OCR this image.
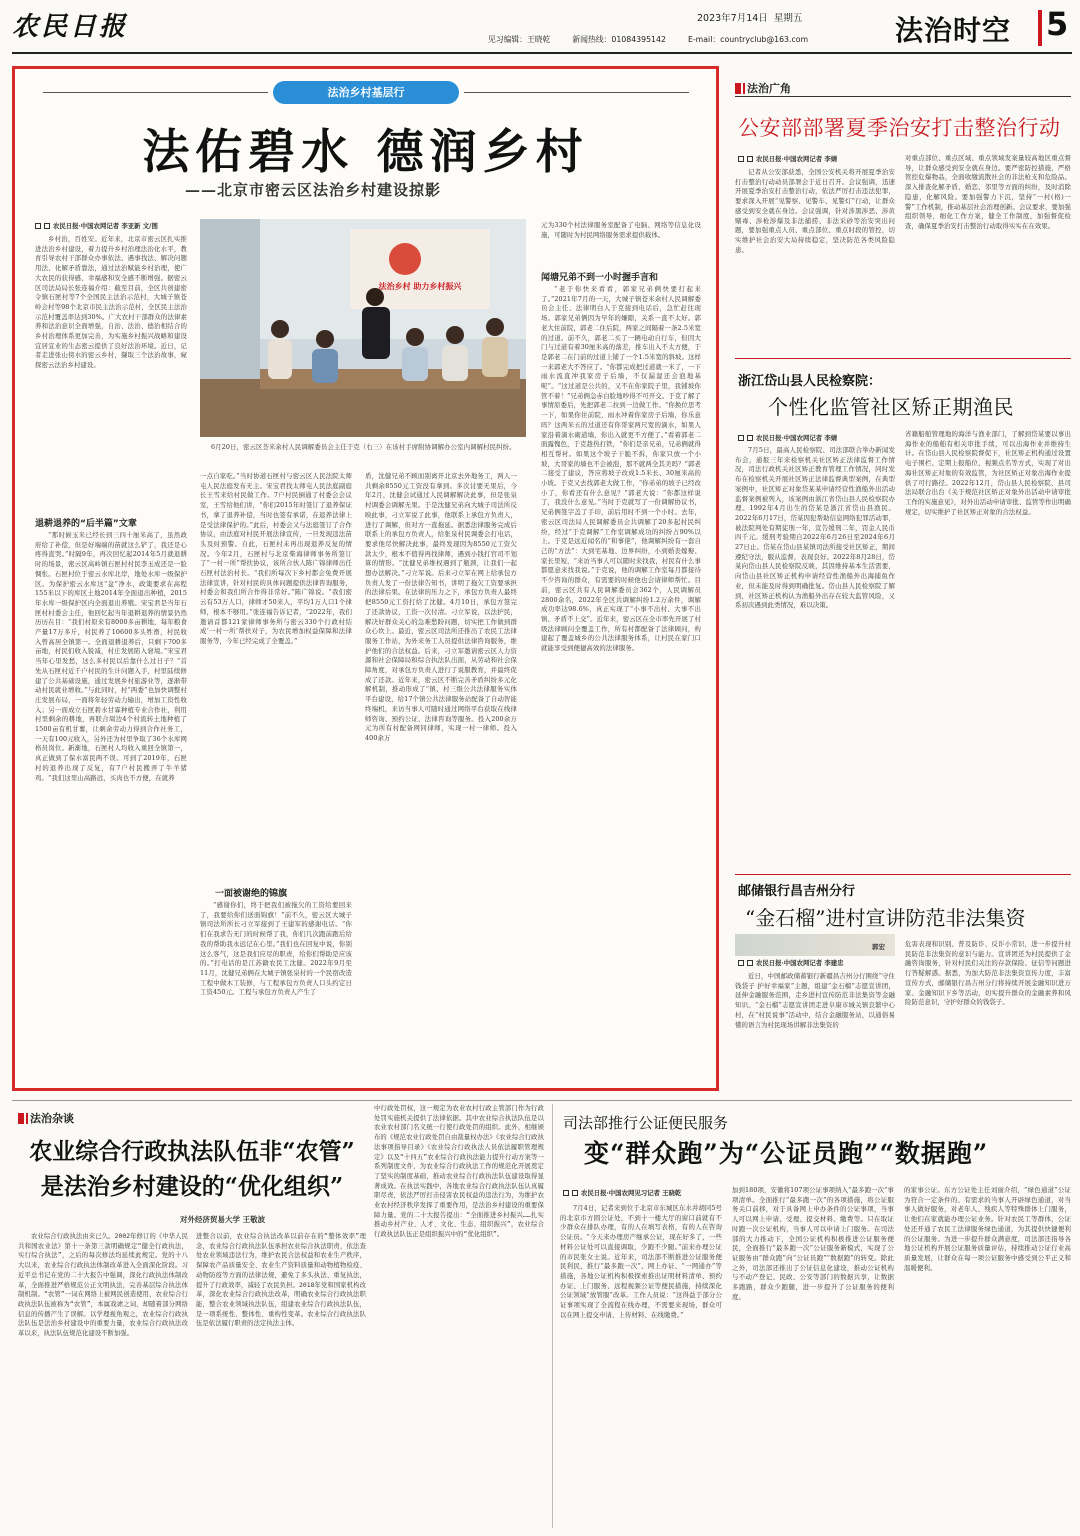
农民日报	2023年7月14日 星期五
见习编辑：王晓乾	新闻热线：01084395142	E-mail：countryclub@163.com	法治时空 5
法治乡村基层行
法佑碧水 德润乡村
——北京市密云区法治乡村建设掠影
农民日报·中国农网记者 李亚新 文/图

乡村治，百姓安。近年来，北京市密云区扎实推进法治乡村建设，着力提升乡村治理法治化水平，教育引导农村干部群众办事依法、遇事找法、解决问题用法、化解矛盾靠法，通过法治赋能乡村治理，使广大农民的获得感、幸福感和安全感不断增强。据密云区司法局局长张连福介绍：截至目前，全区共创建密令镇石匣村等7个全国民主法治示范村，大城子镇苍岭会村等98个北京市民主法治示范村，全区民主法治示范村覆盖率达到30%。广大农村干部群众的法律素养和法治意识全面增强，自治、法治、德治相结合的乡村治理体系更加完善，为实施乡村振兴战略和建设宜居宜业的生态密云提供了良好法治环境。近日，记者走进张山傍水的密云乡村，撷取三个法治故事，窥探密云法治乡村建设。

退耕退养的“后半篇”文章

“那时候玉米已经长到三四十厘米高了，虽然政府给了补偿，但是好端端的苗就这么铲了，我还是心疼得直哭。”时隔9年，再次回忆起2014年5月就退耕时的场景，密云区高岭镇石匣村村民李玉成还是一脸惆怅。石匣村位于密云水库北岸，地处水库一级保护区。为保护密云水库这“盆”净水，政策要求在高程155米以下的库区土地2014年全面退出种植，2015年水库一级保护区内全面退出养殖。宋宝君是当年石匣村村委会主任，他回忆起当年退耕退养的情景仍然历历在目：“我们村原来有8000多亩耕地，每年粮食产量17万多斤，村民养了10600多头牲畜，村民收入曾高居全镇第一。全面退耕退养后，只剩下700多亩地，村民们收入锐减，村庄发展陷入窘境。”宋宝君当年心里发愁，这么多村民以后靠什么过日子？“首先从石匣村近千户村民的生计问题入手，村里陆续修建了公共基础设施，通过发展乡村旅游业等，逐渐带动村民就业增收。”与此同时，村“两委”也加快调整村庄发展布局，一面将年轻劳动力输出，增加工资性收入；另一面成立石匣碧水甘霖种植专业合作社，利用村里剩余的耕地，再联合周边4个村流转土地种植了1500亩有机甘薯，让剩余劳动力得到合作社务工，一天有100元收入，另外还为村里争取了36个水库网格员岗位。新渐地，石匣村人均收入重回全镇第一，真正做到了保水富民两不误。可到了2019年，石匣村的退养出现了反复，有7户村民搬弄了牛羊猪鸡。“我们这里山高路远，买肉也不方便，在就养

法治乡村 助力乡村振兴

6月20日，密云区荟米余村人民调解委员会主任于克（右三）在该村手席附协调解办公室内调解村民纠纷。

一点自家吃。”当时协道石匣村与密云区人民法院太师屯人民法庭发布无主。宋宝君找太师屯人民法庭副庭长王雪来给村民做工作。7户村民倒通了村委会会议室，王雪给他们讲，“你们2015年时签订了退养保证书，拿了退养补偿，当时也签有承诺，在退养法律上是受法律保护的。”此后，村委会又与法庭签订了合作协议，由法庭对村民开展法律宣传，一旦发现违法苗头及时预警。自此，石匣村未再出现退养反复的情况。今年2月，石匣村与北京柴海律师事务所签订了“一村一所”帮扶协议，该所合伙人陈广锦律师出任石匣村法治村长。“我们所每次下乡村都会免费开展法律宣讲，针对村民的具体问题提供法律咨询服务，村委会和我们所合作得非常好。”陈广锦说。“我们密云有53万人口，律师才50来人，平均1万人口1个律师，根本不够用。”张连福告诉记者，“2022年，我们邀请首都121家律师事务所与密云330个行政村结成‘一村一所’帮扶对子，为农民增加权益保障和法律服务等，今年已经完成了全覆盖。”

一面被谢绝的锦旗

“感谢你们，终于把我们被拖欠的工资给要回来了，我要给你们送面锦旗！”前不久，密云区大城子镇司法所所长刁立军接到了王建军的感谢电话。“你们在我求告无门的时候帮了我，你们几次跑前跑后给我的帮助我永远记在心里。”我们也在回复中说，你别这么客气，这是我们应尽的职责，给你们帮助是应该的。”打电话的是江苏籍农民工沈健。2022年9月至11月，沈健兄弟俩在大城子镇张泉村的一个民宿改造工程中做木工装修，与工程承包方负责人口头约定日工资450元。工程与承包方负责人产生了

盾，沈健兄弟不顾而别离开北京去外地务工，两人一共剩余8550元工资没有拿到。多次讨要无果后，今年2月，沈健会试通过人民调解解决此事，但是张泉村调委会调解无果。于是沈健兄弟向大城子司法所反映此事，刁立军说了此事，他联系上承包方负责人，进行了调解，但对方一直拖延。据悉法律服务完成后联系上的承包方负责人，给张泉村民调委会打电话，要求他尽快解决此事，最终发现因为8550元工资欠款太少，根本不值得再找律师，遇到小钱打官司不划算的情形。“沈健兄弟维权遇到了瓶颈，让我们一起想办法解决。”刁立军说。后来刁立军在网上给承包方负责人发了一份法律告知书，讲明了拖欠工资要承担的法律后果。在法律的压力之下，承包方负责人最终把8550元工资打给了沈健。4月10日，承包方签完了还款协议，工资一次付清。刁立军说，以法护民，解决好群众关心的急难愁盼问题，切实把工作做到群众心坎上。最近，密云区司法所还推出了农民工法律服务工作站，为外来务工人员提供法律咨询服务，维护他们的合法权益。后来，刁立军邀请密云区人力资源和社会保障局和综合执法队出面，从劳动和社会保障角度，对承包方负责人进行了说服教育，并最终促成了还款。近年来，密云区不断完善矛盾纠纷多元化解机制，推动形成了“镇、村三级公共法律服务实体平台建设，给17个镇公共法律服务站配备了自动智能终端机，来访当事人可随时通过网络平台获取在线律师咨询、预约公证、法律咨询等服务。投入200余万元为所有村配备网同律师，实现一村一律师。投入400余万

元为330个村法律服务室配备了电脑、网络等信息化设施，可随时为村民网络服务需求提供载体。

闻塘兄弟不到一小时握手言和

“老于你快来看看，郭家兄弟俩快要打起来了。”2021年7月的一天，大城子镇苍米余村人民调解委员会主任、法律明白人于克接到电话后，急忙赶往现场。郭家兄弟俩因为早年的嫌隙，关系一直不太好。郭老大住前院，郭老二住后院，两家之间隔着一条2.5米宽的过道。前不久，郭老二买了一辆电动自行车，但因大门与过道有着30厘米高的落差，推车出入不太方便，于是郭老二在门前的过道上铺了一个1.5米宽的斜坡。这样一来郭老大不答应了。“你都完成把过道就一米了，一下雨水流直冲我家房子后墙，不仅漏湿还会泡地基呢”。“这过道是公共的，又不在你家院子里，我铺坡你管不着！”兄弟俩急赤白脸地吵得不可开交。于克了解了事情原委后，先把郭老二拉到一边做工作。“你换位思考一下，如果你住前院，雨水冲着你家房子后墙，你乐意吗？这两米五的过道还有你哥家两尺宽的滴水，如果人家沿着滴水砌道墙，你出入就更不方便了。”看着郭老二面露愧色，于克趁热打铁，“你们是亲兄弟，兄弟俩就得相互帮衬。如果这个坡子干脆不拆，你家只放一个小坡，大哥家的墙也不会被泡，那不就两全其美吗？”郭老二接受了建议，答应将坡子改成1.5米长、30厘米高的小坡。于克又去找郭老大做工作，“你弟弟的坡子已经改小了，你看还有什么意见？”郭老大说：“你都这样说了，我没什么意见。”当时于克就写了一份调解协议书，兄弟俩签字盖了手印，前后用时不到一个小时。去年，密云区司法局人民调解委员会共调解了20多起村民纠纷，经过“于克调解”工作室调解成功的纠纷占90%以上。于克是远近闻名的“和事佬”，他调解纠纷有一套自己的“方法”：大到宅基地、边界纠纷，小到婚丧嫁娶、家长里短，“来访当事人可以随时来找我，村民有什么事都愿意来找我说。”于克说，他的调解工作室每月都接待不少咨询的群众，有需要的时候他也会请律师帮忙。目前，密云区共有人民调解委员会362个，人民调解员2800余名，2022年全区共调解纠纷1.2万余件，调解成功率达98.6%，真正实现了“小事不出村、大事不出镇、矛盾不上交”。近年来，密云区在全市率先开展了村级法律顾问全覆盖工作，所有村都配备了法律顾问，构建起了覆盖城乡的公共法律服务体系，让村民在家门口就能享受到便捷高效的法律服务。

法治广角
公安部部署夏季治安打击整治行动
农民日报·中国农网记者 李婧

记者从公安部获悉，全国公安机关将开展夏季治安打击整治行动动员部署会于近日召开。会议强调，迅速开展夏季治安打击整治行动，依法严厉打击违法犯罪，要求深入开展“见警察、见警车、见警灯”行动，让群众感受到安全就在身边。会议强调，针对涉黑涉恶、涉黄赌毒、涉枪涉爆及非法捕捞、非法采砂等治安突出问题，要加强重点人员、重点部位、重点时段的管控，切实维护社会治安大局持续稳定，坚决防范各类风险隐患。

对重点部位、重点区域、重点领域发案量较高地区重点督导，让群众感受到安全就在身边。要严密防控措施，严格管控危爆物品，全面收缴流散社会的非法枪支和危险品。深入排查化解矛盾、婚恋、邻里等方面的纠纷，及时消除隐患，化解风险。要加强警力下沉，坚持“一村(格)一警”工作机制，推动基层社会治理创新。会议要求，要加强组织领导，细化工作方案，健全工作制度，加强督促检查，确保夏季治安打击整治行动取得实实在在效果。

浙江岱山县人民检察院：
个性化监管社区矫正期渔民
农民日报·中国农网记者 李婧

7月5日，最高人民检察院、司法部联合举办新闻发布会，通报三年来检察机关社区矫正法律监督工作情况，司法行政机关社区矫正教育管理工作情况，同时发布在检察机关开展社区矫正法律监督典型案例，在典型案例中，社区矫正对象岱某某申请经营性渔船外出活动监督案例被列入，该案例由浙江省岱山县人民检察院办理。1992年4月出生的岱某是浙江省岱山县渔民。2022年6月17日，岱某因犯帮助信息网络犯罪活动罪，被法院判处有期徒刑一年，宣告缓刑二年，罚金人民币四千元。缓刑考验期自2022年6月26日至2024年6月27日止。岱某在岱山县某镇司法所接受社区矫正，期间遵纪守法，服从监督，表现良好。2022年8月28日，岱某向岱山县人民检察院反映，其因维持基本生活需要，向岱山县社区矫正机构申请经营性渔船外出海捕鱼作业，但未能及时得到明确批复。岱山县人民检察院了解到，社区矫正机构认为渔船外出存在较大监管风险，又系初次遇到此类情况，难以决策。

省籍船舶管理地的海洋与渔业部门，了解到岱某要以事出海作业的船舶有相关审批手续，可以出海作业并维持生计。在岱山县人民检察院督促下，社区矫正机构通过设置电子围栏、定期上报船位、视频点名等方式，实现了对出海社区矫正对象的有效监管，为社区矫正对象出海作业提供了可行路径。2022年12月，岱山县人民检察院、县司法局联合出台《关于规范社区矫正对象外出活动申请审批工作的实施意见》，对外出活动申请审批、监管等作出明确规定，切实维护了社区矫正对象的合法权益。

邮储银行昌吉州分行
“金石榴”进村宣讲防范非法集资
郭宏
农民日报·中国农网记者 李建忠

近日，中国邮政储蓄银行新疆昌吉州分行围绕“守住钱袋子 护好幸福家”主题，组建“金石榴”志愿宣讲团，延伸金融服务范围，走乡进村宣传防范非法集资等金融知识。“金石榴”志愿宣讲团走进阜康市城关镇良繁中心村，在“村民说事”活动中，结合金融服务站，以通俗易懂的语言为村民现场讲解非法集资的

危害表现和识别、普及防诈、反诈小常识，进一步提升村民防范非法集资的意识与能力。宣讲团还为村民提供了金融咨询服务，针对村民们关注的存款保险、征信等问题进行答疑解惑。据悉，为加大防范非法集资宣传力度，丰富宣传方式，邮储银行昌吉州分行将持续开展金融知识进万家、金融知识下乡等活动，切实提升群众的金融素养和风险防范意识，守护好群众的钱袋子。

法治杂谈
农业综合行政执法队伍非“农管”
是法治乡村建设的“优化组织”
对外经济贸易大学 王敬波

农业综合行政执法由来已久。2002年修订的《中华人民共和国农业法》第十一条第三款明确规定“健全行政执法，实行综合执法”，之后的每次修法均延续此规定。党的十八大以来，农业综合行政执法体制改革进入全面深化阶段。习近平总书记在党的二十大报告中强调，深化行政执法体制改革，全面推进严格规范公正文明执法，完善基层综合执法体制机制。“农管”一词在网络上被网民创造使用，农业综合行政执法队伍被称为“农管”，本属戏谑之词，却随着部分网络信息的传播产生了误解。以学理视角观之，农业综合行政执法队伍是法治乡村建设中的重要力量，农业综合行政执法改革以来，执法队伍规范化建设不断加强。

进整合以前，农业综合执法改革以前存在的“整体效率”理念，农业综合行政执法队伍承担农业综合执法职责，依法查处农业领域违法行为，维护农民合法权益和农业生产秩序，保障农产品质量安全、农业生产资料质量和动物植物检疫、动物防疫等方面的法律法规，避免了多头执法、重复执法，提升了行政效率，减轻了农民负担。2018年党和国家机构改革，深化农业综合行政执法改革，明确农业综合行政执法职能，整合农业领域执法队伍，组建农业综合行政执法队伍，是一项系统性、整体性、重构性变革。农业综合行政执法队伍是依法履行职责的法定执法主体。

中行政处罚权，这一规定为农业农村行政主管部门作为行政处罚实施机关提供了法律依据。其中农业综合执法队伍是以农业农村部门名义统一行使行政处罚的组织。此外，相继颁布的《规范农业行政处罚自由裁量权办法》《农业综合行政执法事项指导目录》《农业综合行政执法人员依法履职管理规定》以及“十四五”农业综合行政执法能力提升行动方案等一系列制度文件，为农业综合行政执法工作的规范化开展奠定了坚实的制度基础，推动农业综合行政执法队伍建设取得显著成效。在执法实践中，各地农业综合行政执法队伍认真履职尽责，依法严厉打击侵害农民权益的违法行为，为维护农业农村经济秩序发挥了重要作用，是法治乡村建设的重要保障力量。党的二十大报告提出：“全面推进乡村振兴……扎实推动乡村产业、人才、文化、生态、组织振兴”，农业综合行政执法队伍正是组织振兴中的“优化组织”。

司法部推行公证便民服务
变“群众跑”为“公证员跑”“数据跑”
农民日报·中国农网见习记者 王晓乾

7月4日，记者来到位于北京市东城区东水井胡同5号的北京市方圆公证处，不到十一楼大厅的窗口前就有不少群众在排队办理，有的人在填写表格，有的人在咨询公证员。“今天来办理房产继承公证，现在好多了，一些材料公证处可以直接调取，少跑不少腿。”前来办理公证的市民张女士说。近年来，司法部不断推进公证服务便民利民，推行“最多跑一次”、网上办证、“一网通办”等措施，各地公证机构积极探索推出证明材料清单、预约办证、上门服务、远程视频公证等便民措施，持续深化公证领域“放管服”改革。工作人员说：“这得益于部分公证事项实现了全流程在线办理，不需要来现场，群众可以在网上提交申请、上传材料、在线缴费。”

加到180项，安徽将107项公证事项纳入“最多跑一次”事项清单。全面推行“最多跑一次”的各项措施，将公证服务关口前移，对于具备网上申办条件的公证事项，当事人可以网上申请、受理、提交材料、缴费等。只在取证时跑一次公证机构，当事人可以申请上门服务。在司法部的大力推动下，全国公证机构积极推进公证服务便民，全面推行“最多跑一次”公证服务新模式，实现了公证服务由“群众跑”向“公证员跑”“数据跑”的转变。除此之外，司法部还推出了公证信息化建设，推动公证机构与不动产登记、民政、公安等部门的数据共享，让数据多跑路，群众少跑腿，进一步提升了公证服务的便利度。

的家事公证。东方公证处主任刘丽介绍，“绿色通道”公证为符合一定条件的、有需求的当事人开辟绿色通道，对当事人做好服务，对老年人、残疾人等特殊群体上门服务，让他们在家就能办理公证业务。针对农民工等群体，公证处还开通了农民工法律服务绿色通道，为其提供快捷便利的公证服务。为进一步提升群众满意度，司法部还指导各地公证机构开展公证服务质量评估，持续推动公证行业高质量发展，让群众在每一项公证服务中感受到公平正义和温暖便利。
